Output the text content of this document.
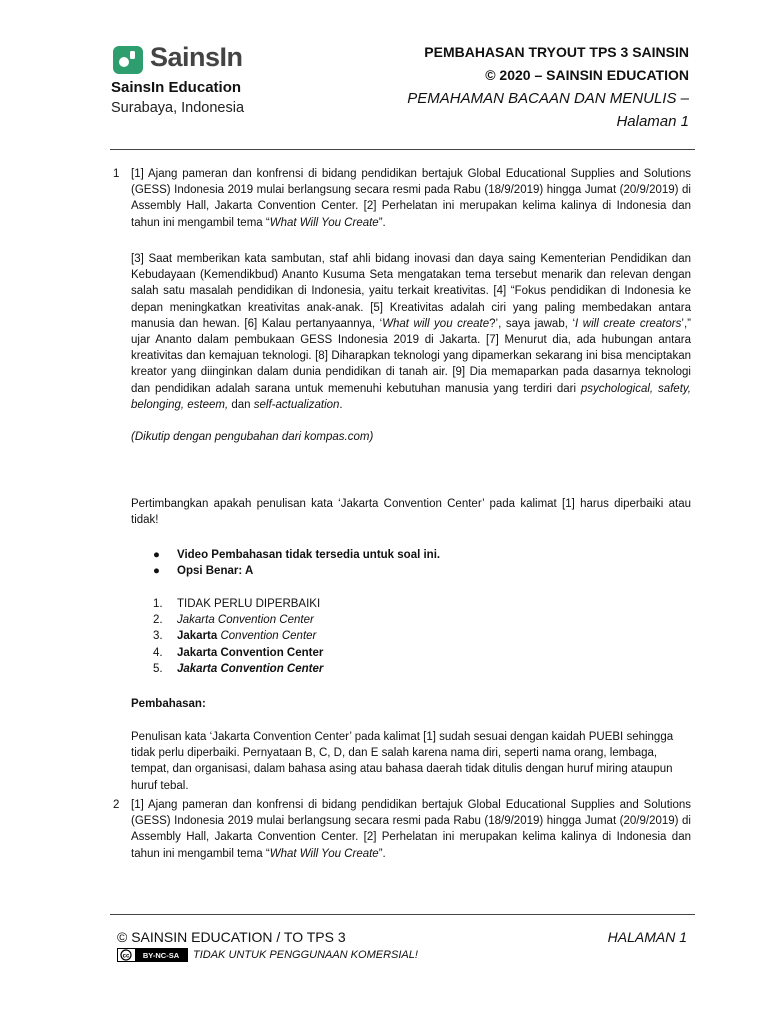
SainsIn
SainsIn Education
Surabaya, Indonesia
PEMBAHASAN TRYOUT TPS 3 SAINSIN
© 2020 – SAINSIN EDUCATION
PEMAHAMAN BACAAN DAN MENULIS –
Halaman 1
1 [1] Ajang pameran dan konfrensi di bidang pendidikan bertajuk Global Educational Supplies and Solutions (GESS) Indonesia 2019 mulai berlangsung secara resmi pada Rabu (18/9/2019) hingga Jumat (20/9/2019) di Assembly Hall, Jakarta Convention Center. [2] Perhelatan ini merupakan kelima kalinya di Indonesia dan tahun ini mengambil tema “What Will You Create”.
[3] Saat memberikan kata sambutan, staf ahli bidang inovasi dan daya saing Kementerian Pendidikan dan Kebudayaan (Kemendikbud) Ananto Kusuma Seta mengatakan tema tersebut menarik dan relevan dengan salah satu masalah pendidikan di Indonesia, yaitu terkait kreativitas. [4] “Fokus pendidikan di Indonesia ke depan meningkatkan kreativitas anak-anak. [5] Kreativitas adalah ciri yang paling membedakan antara manusia dan hewan. [6] Kalau pertanyaannya, ‘What will you create?’, saya jawab, ‘I will create creators’,” ujar Ananto dalam pembukaan GESS Indonesia 2019 di Jakarta. [7] Menurut dia, ada hubungan antara kreativitas dan kemajuan teknologi. [8] Diharapkan teknologi yang dipamerkan sekarang ini bisa menciptakan kreator yang diinginkan dalam dunia pendidikan di tanah air. [9] Dia memaparkan pada dasarnya teknologi dan pendidikan adalah sarana untuk memenuhi kebutuhan manusia yang terdiri dari psychological, safety, belonging, esteem, dan self-actualization.
(Dikutip dengan pengubahan dari kompas.com)
Pertimbangkan apakah penulisan kata ‘Jakarta Convention Center’ pada kalimat [1] harus diperbaiki atau tidak!
● Video Pembahasan tidak tersedia untuk soal ini.
● Opsi Benar: A
1. TIDAK PERLU DIPERBAIKI
2. Jakarta Convention Center
3. Jakarta Convention Center
4. Jakarta Convention Center
5. Jakarta Convention Center
Pembahasan:
Penulisan kata ‘Jakarta Convention Center’ pada kalimat [1] sudah sesuai dengan kaidah PUEBI sehingga tidak perlu diperbaiki. Pernyataan B, C, D, dan E salah karena nama diri, seperti nama orang, lembaga, tempat, dan organisasi, dalam bahasa asing atau bahasa daerah tidak ditulis dengan huruf miring ataupun huruf tebal.
2 [1] Ajang pameran dan konfrensi di bidang pendidikan bertajuk Global Educational Supplies and Solutions (GESS) Indonesia 2019 mulai berlangsung secara resmi pada Rabu (18/9/2019) hingga Jumat (20/9/2019) di Assembly Hall, Jakarta Convention Center. [2] Perhelatan ini merupakan kelima kalinya di Indonesia dan tahun ini mengambil tema “What Will You Create”.
© SAINSIN EDUCATION / TO TPS 3	HALAMAN 1
cc BY-NC-SA TIDAK UNTUK PENGGUNAAN KOMERSIAL!
